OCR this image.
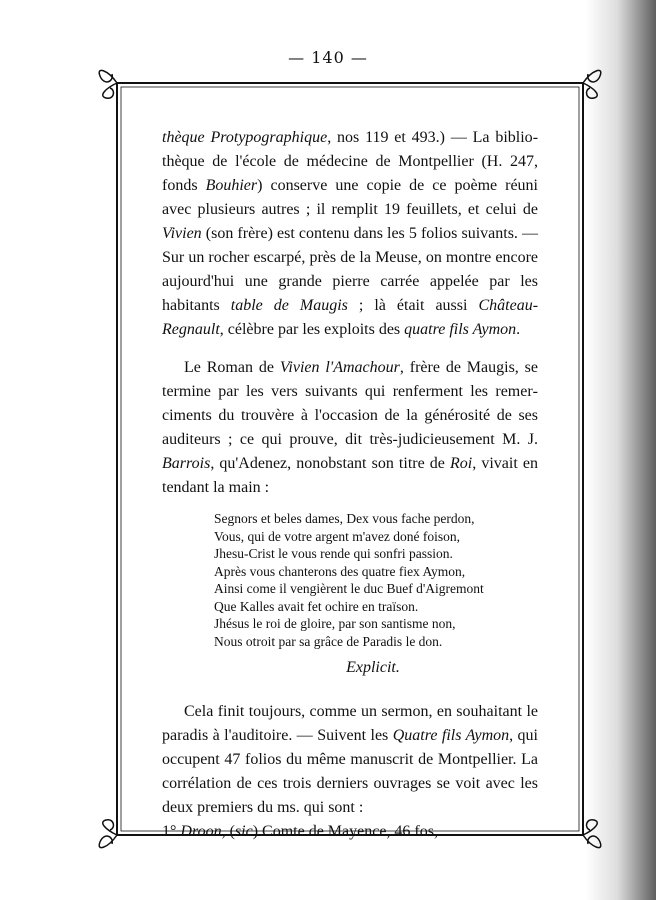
— 140 —

thèque Protypographique, nos 119 et 493.) — La bibliothèque de l'école de médecine de Montpellier (H. 247, fonds Bouhier) conserve une copie de ce poème réuni avec plusieurs autres ; il remplit 19 feuillets, et celui de Vivien (son frère) est contenu dans les 5 folios suivants. — Sur un rocher escarpé, près de la Meuse, on montre encore aujourd'hui une grande pierre carrée appelée par les habitants table de Maugis ; là était aussi Château-Regnault, célèbre par les exploits des quatre fils Aymon.

Le Roman de Vivien l'Amachour, frère de Maugis, se termine par les vers suivants qui renferment les remerciments du trouvère à l'occasion de la générosité de ses auditeurs ; ce qui prouve, dit très-judicieusement M. J. Barrois, qu'Adenez, nonobstant son titre de Roi, vivait en tendant la main :

Segnors et beles dames, Dex vous fache perdon,
Vous, qui de votre argent m'avez doné foison,
Jhesu-Crist le vous rende qui sonfri passion.
Après vous chanterons des quatre fiex Aymon,
Ainsi come il vengièrent le duc Buef d'Aigremont
Que Kalles avait fet ochire en traïson.
Jhésus le roi de gloire, par son santisme non,
Nous otroit par sa grâce de Paradis le don.
Explicit.

Cela finit toujours, comme un sermon, en souhaitant le paradis à l'auditoire. — Suivent les Quatre fils Aymon, qui occupent 47 folios du même manuscrit de Montpellier. La corrélation de ces trois derniers ouvrages se voit avec les deux premiers du ms. qui sont :

1° Droon, (sic) Comte de Mayence, 46 fos,
